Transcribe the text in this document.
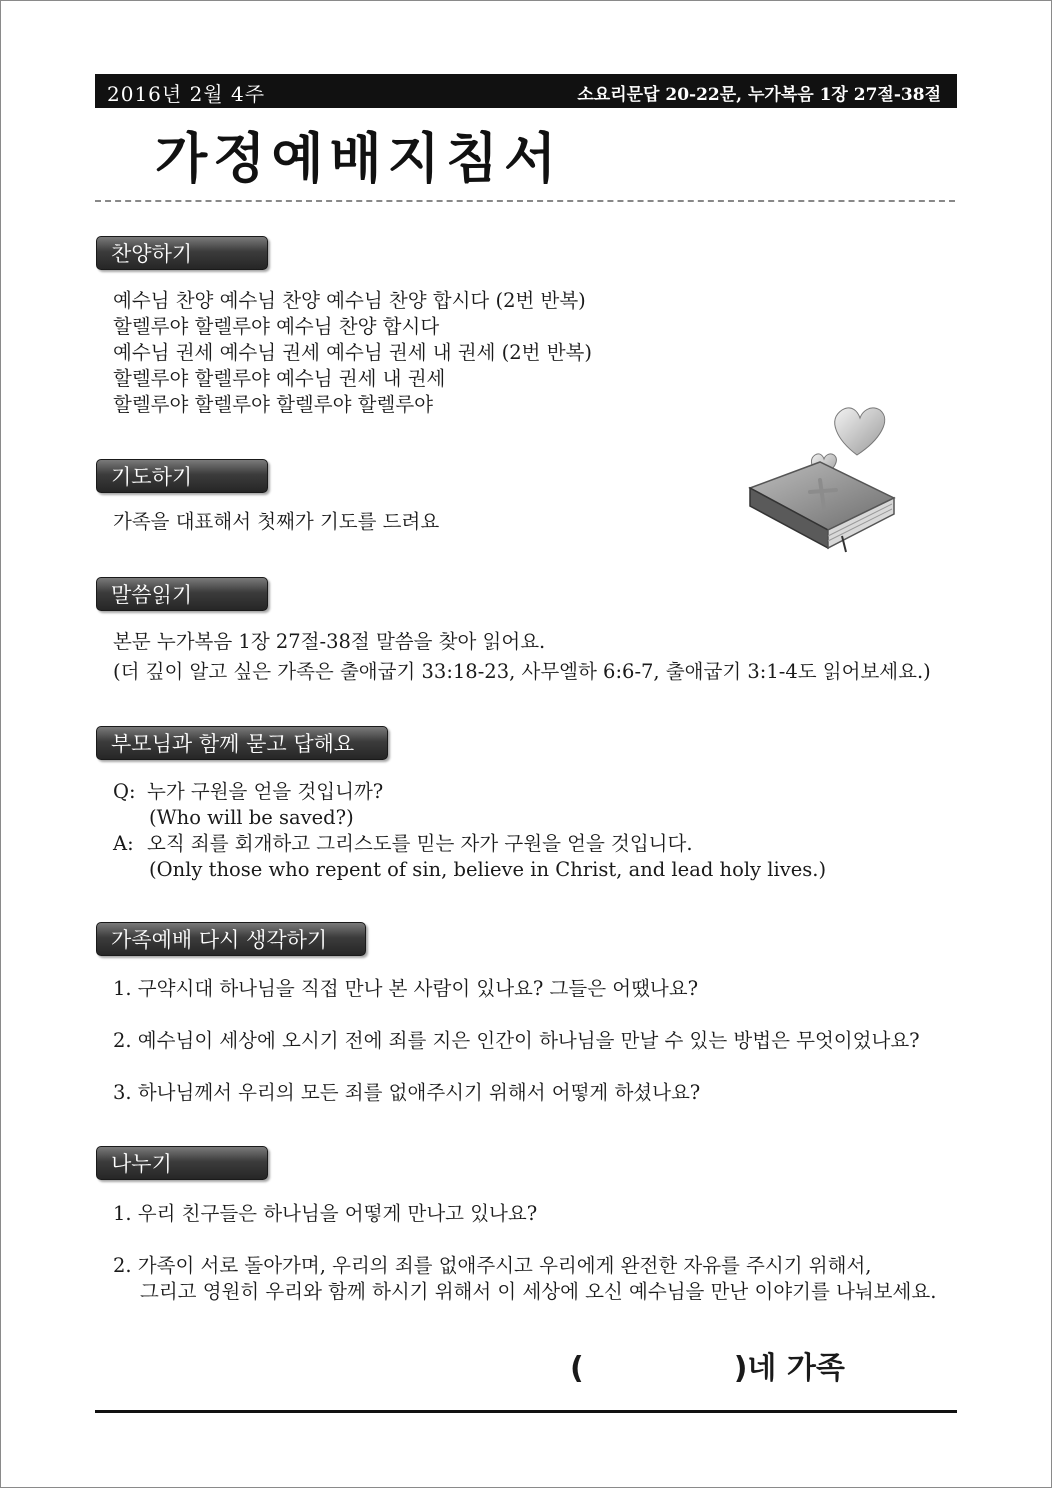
2016년 2월 4주	소요리문답 20-22문, 누가복음 1장 27절-38절
가정예배지침서
찬양하기
예수님 찬양 예수님 찬양 예수님 찬양 합시다 (2번 반복)
할렐루야 할렐루야 예수님 찬양 합시다
예수님 권세 예수님 권세 예수님 권세 내 권세 (2번 반복)
할렐루야 할렐루야 예수님 권세 내 권세
할렐루야 할렐루야 할렐루야 할렐루야
기도하기
가족을 대표해서 첫째가 기도를 드려요
말씀읽기
본문 누가복음 1장 27절-38절 말씀을 찾아 읽어요.
(더 깊이 알고 싶은 가족은 출애굽기 33:18-23, 사무엘하 6:6-7, 출애굽기 3:1-4도 읽어보세요.)
부모님과 함께 묻고 답해요
Q: 누가 구원을 얻을 것입니까?
(Who will be saved?)
A: 오직 죄를 회개하고 그리스도를 믿는 자가 구원을 얻을 것입니다.
(Only those who repent of sin, believe in Christ, and lead holy lives.)
가족예배 다시 생각하기
1. 구약시대 하나님을 직접 만나 본 사람이 있나요? 그들은 어땠나요?
2. 예수님이 세상에 오시기 전에 죄를 지은 인간이 하나님을 만날 수 있는 방법은 무엇이었나요?
3. 하나님께서 우리의 모든 죄를 없애주시기 위해서 어떻게 하셨나요?
나누기
1. 우리 친구들은 하나님을 어떻게 만나고 있나요?
2. 가족이 서로 돌아가며, 우리의 죄를 없애주시고 우리에게 완전한 자유를 주시기 위해서,
그리고 영원히 우리와 함께 하시기 위해서 이 세상에 오신 예수님을 만난 이야기를 나눠보세요.
(	)네 가족
